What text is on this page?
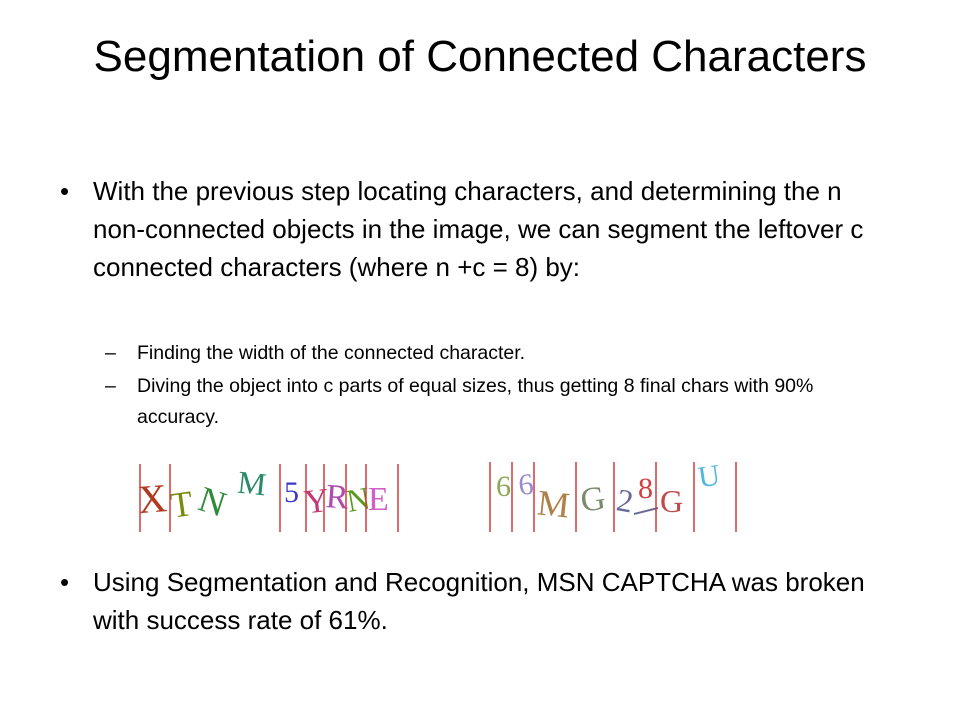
Segmentation of Connected Characters
• With the previous step locating characters, and determining the n non-connected objects in the image, we can segment the leftover c connected characters (where n +c = 8) by:
– Finding the width of the connected character.
– Diving the object into c parts of equal sizes, thus getting 8 final chars with 90% accuracy.
X T
N M 5 Y
R
N
E	6 6 M G 2 8 G
U
• Using Segmentation and Recognition, MSN CAPTCHA was broken with success rate of 61%.
